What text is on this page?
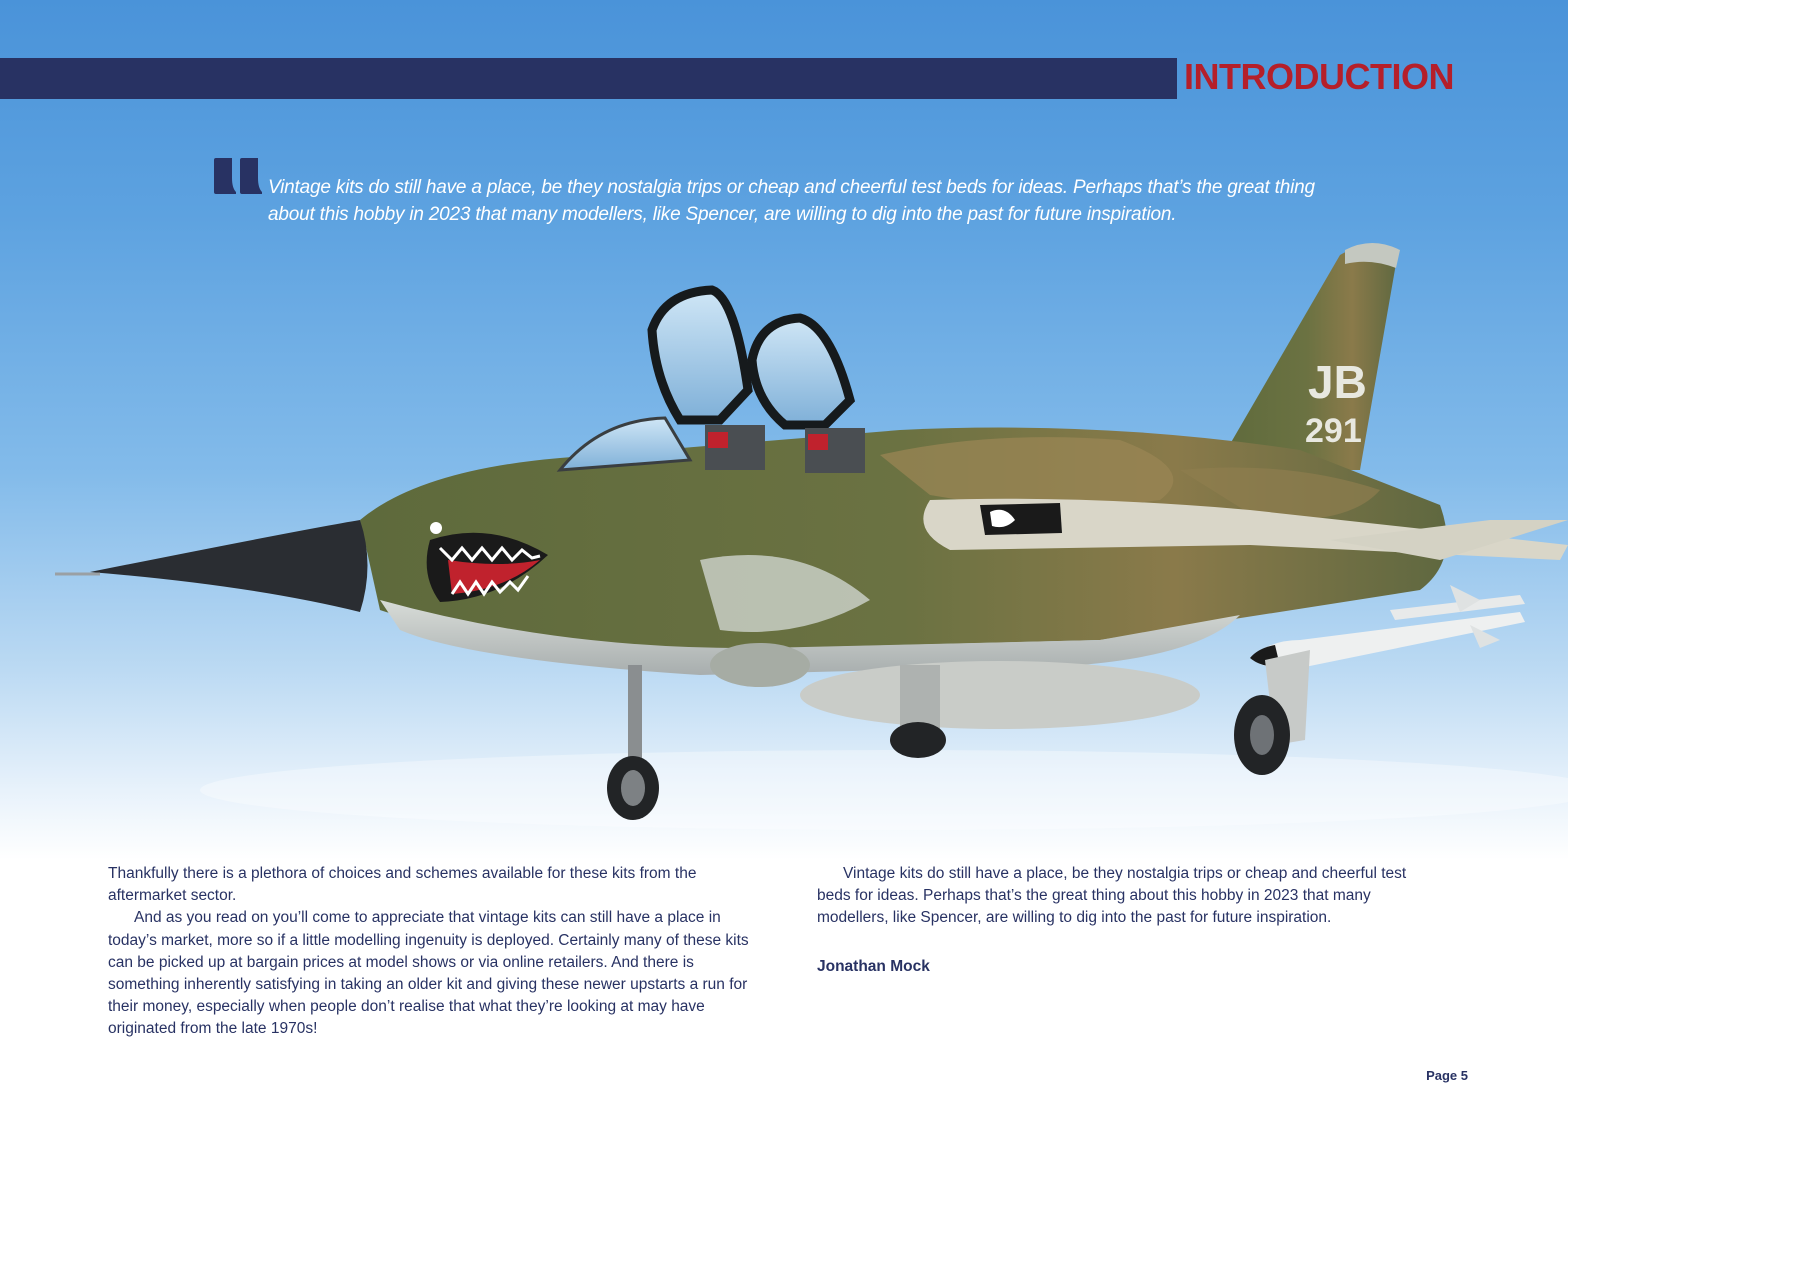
JB
291
INTRODUCTION
Vintage kits do still have a place, be they nostalgia trips or cheap and cheerful test beds for ideas. Perhaps that’s the great thing about this hobby in 2023 that many modellers, like Spencer, are willing to dig into the past for future inspiration.

Thankfully there is a plethora of choices and schemes available for these kits from the aftermarket sector.

And as you read on you’ll come to appreciate that vintage kits can still have a place in today’s market, more so if a little modelling ingenuity is deployed. Certainly many of these kits can be picked up at bargain prices at model shows or via online retailers. And there is something inherently satisfying in taking an older kit and giving these newer upstarts a run for their money, especially when people don’t realise that what they’re looking at may have originated from the late 1970s!

Vintage kits do still have a place, be they nostalgia trips or cheap and cheerful test beds for ideas. Perhaps that’s the great thing about this hobby in 2023 that many modellers, like Spencer, are willing to dig into the past for future inspiration.

Jonathan Mock

Page 5
